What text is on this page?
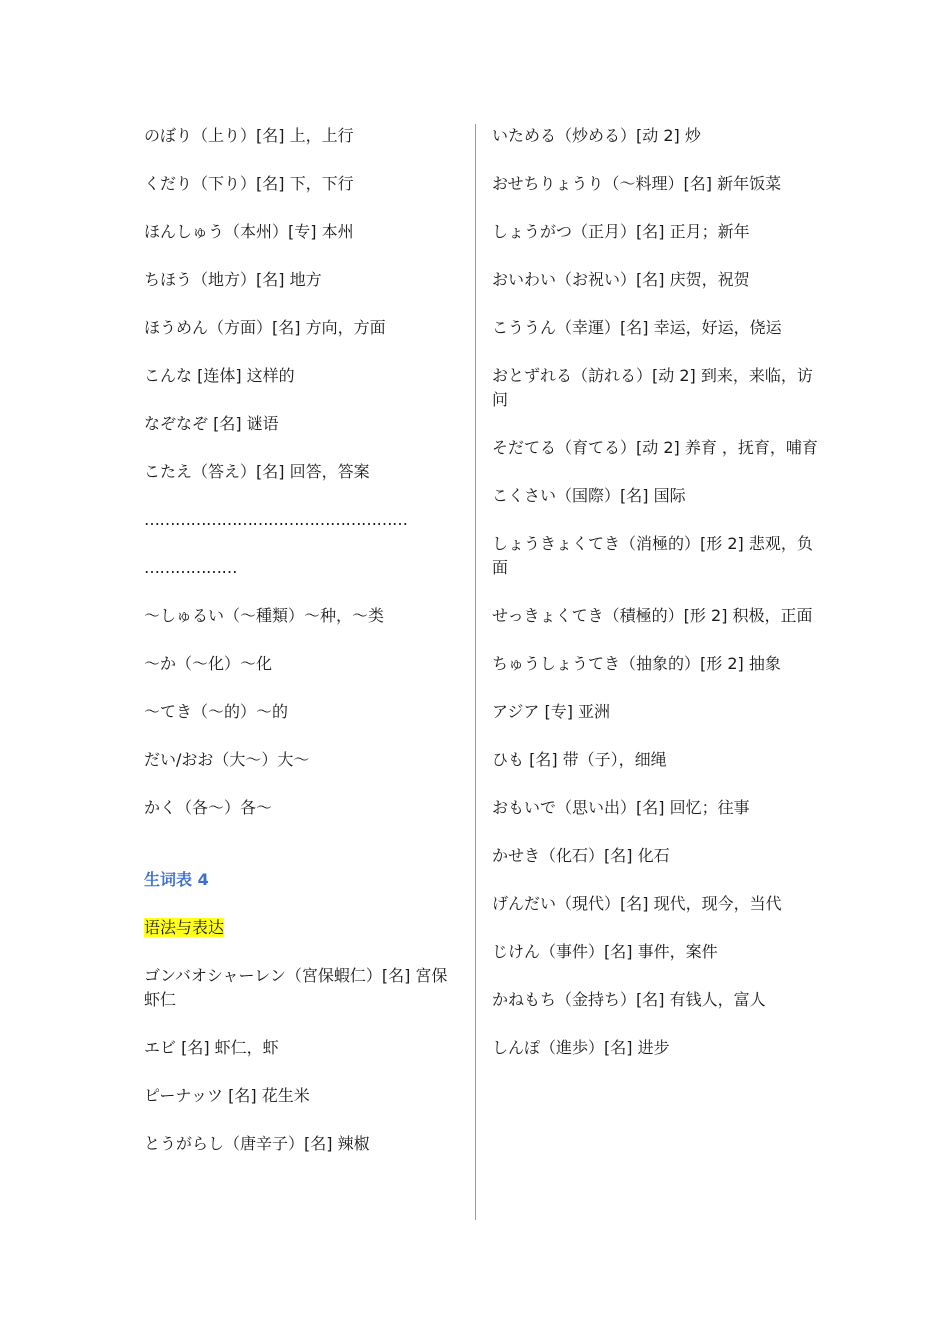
のぼり（上り）[名] 上，上行

くだり（下り）[名] 下，下行

ほんしゅう（本州）[专] 本州

ちほう（地方）[名] 地方

ほうめん（方面）[名] 方向，方面

こんな [连体] 这样的

なぞなぞ [名] 谜语

こたえ（答え）[名] 回答，答案

……………………………………………
………………

～しゅるい（～種類）～种，～类

～か（～化）～化

～てき（～的）～的

だい/おお（大～）大～

かく（各～）各～

生词表 4

语法与表达

ゴンバオシャーレン（宮保蝦仁）[名] 宮保虾仁

エビ [名] 虾仁，虾

ピーナッツ [名] 花生米

とうがらし（唐辛子）[名] 辣椒

いためる（炒める）[动 2] 炒

おせちりょうり（～料理）[名] 新年饭菜

しょうがつ（正月）[名] 正月；新年

おいわい（お祝い）[名] 庆贺，祝贺

こううん（幸運）[名] 幸运，好运，侥运

おとずれる（訪れる）[动 2] 到来，来临，访问

そだてる（育てる）[动 2] 养育 ，抚育，哺育

こくさい（国際）[名] 国际

しょうきょくてき（消極的）[形 2] 悲观，负面

せっきょくてき（積極的）[形 2] 积极，正面

ちゅうしょうてき（抽象的）[形 2] 抽象

アジア [专] 亚洲

ひも [名] 带（子），细绳

おもいで（思い出）[名] 回忆；往事

かせき（化石）[名] 化石

げんだい（現代）[名] 现代，现今，当代

じけん（事件）[名] 事件，案件

かねもち（金持ち）[名] 有钱人，富人

しんぽ（進歩）[名] 进步
